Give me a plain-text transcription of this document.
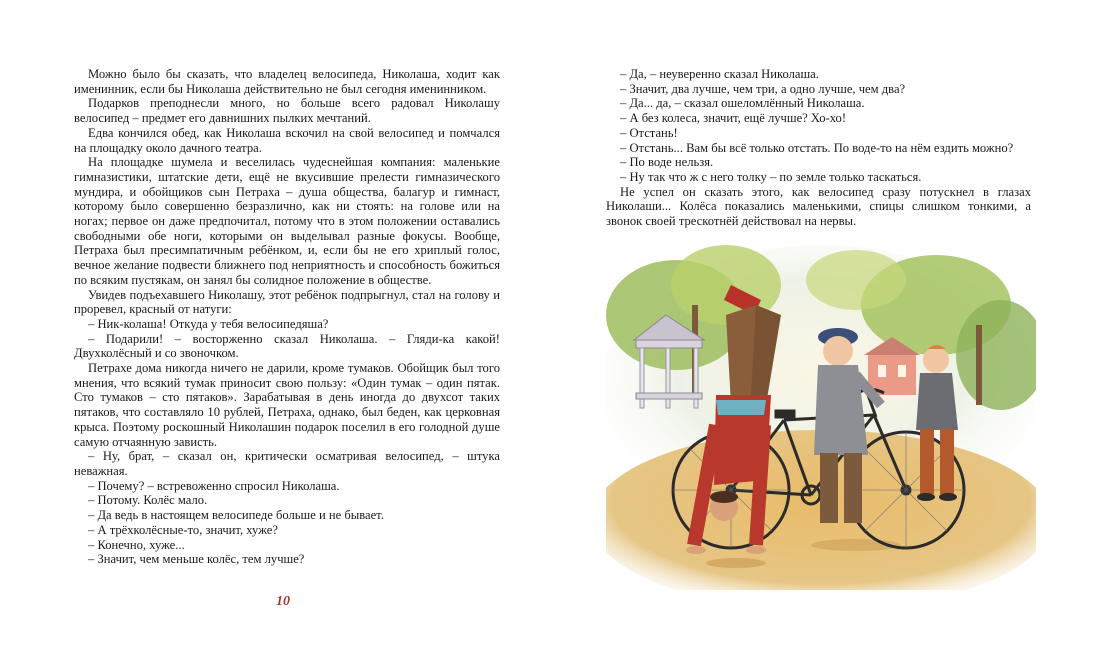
Можно было бы сказать, что владелец велосипеда, Николаша, ходит как именинник, если бы Николаша действительно не был сегодня именинником.

Подарков преподнесли много, но больше всего радовал Николашу велосипед – предмет его давнишних пылких мечтаний.

Едва кончился обед, как Николаша вскочил на свой велосипед и помчался на площадку около дачного театра.

На площадке шумела и веселилась чудеснейшая компания: маленькие гимназистики, штатские дети, ещё не вкусившие прелести гимназического мундира, и обойщиков сын Петраха – душа общества, балагур и гимнаст, которому было совершенно безразлично, как ни стоять: на голове или на ногах; первое он даже предпочитал, потому что в этом положении оставались свободными обе ноги, которыми он выделывал разные фокусы. Вообще, Петраха был пресимпатичным ребёнком, и, если бы не его хриплый голос, вечное желание подвести ближнего под неприятность и способность божиться по всяким пустякам, он занял бы солидное положение в обществе.

Увидев подъехавшего Николашу, этот ребёнок подпрыгнул, стал на голову и проревел, красный от натуги:

– Ник-колаша! Откуда у тебя велосипедяша?

– Подарили! – восторженно сказал Николаша. – Гляди-ка какой! Двухколёсный и со звоночком.

Петрахе дома никогда ничего не дарили, кроме тумаков. Обойщик был того мнения, что всякий тумак приносит свою пользу: «Один тумак – один пятак. Сто тумаков – сто пятаков». Зарабатывая в день иногда до двухсот таких пятаков, что составляло 10 рублей, Петраха, однако, был беден, как церковная крыса. Поэтому роскошный Николашин подарок поселил в его голодной душе самую отчаянную зависть.

– Ну, брат, – сказал он, критически осматривая велосипед, – штука неважная.

– Почему? – встревоженно спросил Николаша.

– Потому. Колёс мало.

– Да ведь в настоящем велосипеде больше и не бывает.

– А трёхколёсные-то, значит, хуже?

– Конечно, хуже...

– Значит, чем меньше колёс, тем лучше?

10

– Да, – неуверенно сказал Николаша.

– Значит, два лучше, чем три, а одно лучше, чем два?

– Да... да, – сказал ошеломлённый Николаша.

– А без колеса, значит, ещё лучше? Хо-хо!

– Отстань!

– Отстань... Вам бы всё только отстать. По воде-то на нём ездить можно?

– По воде нельзя.

– Ну так что ж с него толку – по земле только таскаться.

Не успел он сказать этого, как велосипед сразу потускнел в глазах Николаши... Колёса показались маленькими, спицы слишком тонкими, а звонок своей трескотнёй действовал на нервы.
